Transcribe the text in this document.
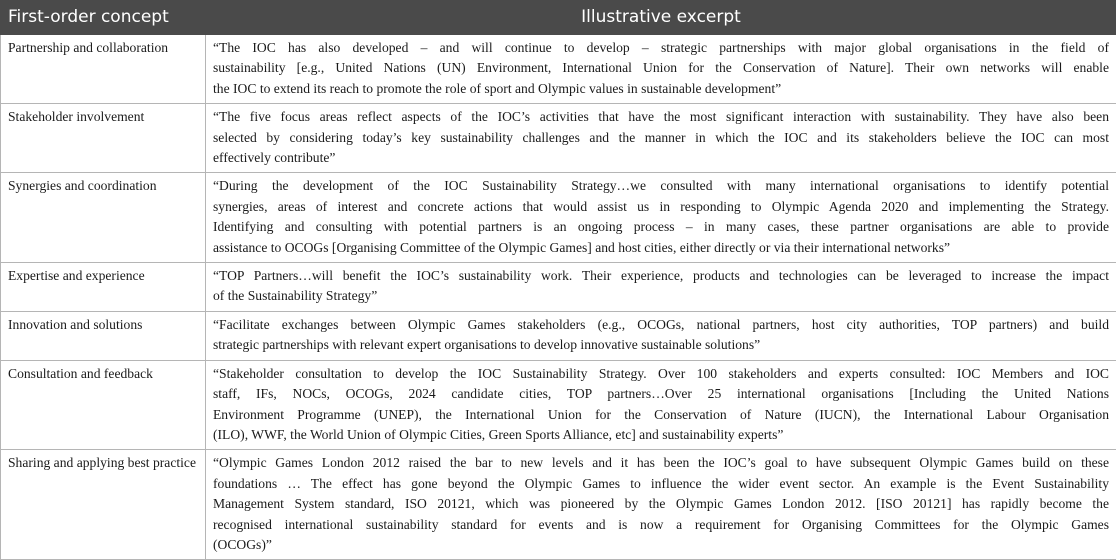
First-order concept	Illustrative excerpt
Partnership and collaboration	“The IOC has also developed – and will continue to develop – strategic partnerships with major global organisations in the field of
sustainability [e.g., United Nations (UN) Environment, International Union for the Conservation of Nature]. Their own networks will enable
the IOC to extend its reach to promote the role of sport and Olympic values in sustainable development”

Stakeholder involvement	“The five focus areas reflect aspects of the IOC’s activities that have the most significant interaction with sustainability. They have also been
selected by considering today’s key sustainability challenges and the manner in which the IOC and its stakeholders believe the IOC can most
effectively contribute”

Synergies and coordination	“During the development of the IOC Sustainability Strategy…we consulted with many international organisations to identify potential
synergies, areas of interest and concrete actions that would assist us in responding to Olympic Agenda 2020 and implementing the Strategy.
Identifying and consulting with potential partners is an ongoing process – in many cases, these partner organisations are able to provide
assistance to OCOGs [Organising Committee of the Olympic Games] and host cities, either directly or via their international networks”

Expertise and experience	“TOP Partners…will benefit the IOC’s sustainability work. Their experience, products and technologies can be leveraged to increase the impact
of the Sustainability Strategy”

Innovation and solutions	“Facilitate exchanges between Olympic Games stakeholders (e.g., OCOGs, national partners, host city authorities, TOP partners) and build
strategic partnerships with relevant expert organisations to develop innovative sustainable solutions”

Consultation and feedback	“Stakeholder consultation to develop the IOC Sustainability Strategy. Over 100 stakeholders and experts consulted: IOC Members and IOC
staff, IFs, NOCs, OCOGs, 2024 candidate cities, TOP partners…Over 25 international organisations [Including the United Nations
Environment Programme (UNEP), the International Union for the Conservation of Nature (IUCN), the International Labour Organisation
(ILO), WWF, the World Union of Olympic Cities, Green Sports Alliance, etc] and sustainability experts”

Sharing and applying best practice	“Olympic Games London 2012 raised the bar to new levels and it has been the IOC’s goal to have subsequent Olympic Games build on these
foundations … The effect has gone beyond the Olympic Games to influence the wider event sector. An example is the Event Sustainability
Management System standard, ISO 20121, which was pioneered by the Olympic Games London 2012. [ISO 20121] has rapidly become the
recognised international sustainability standard for events and is now a requirement for Organising Committees for the Olympic Games
(OCOGs)”
